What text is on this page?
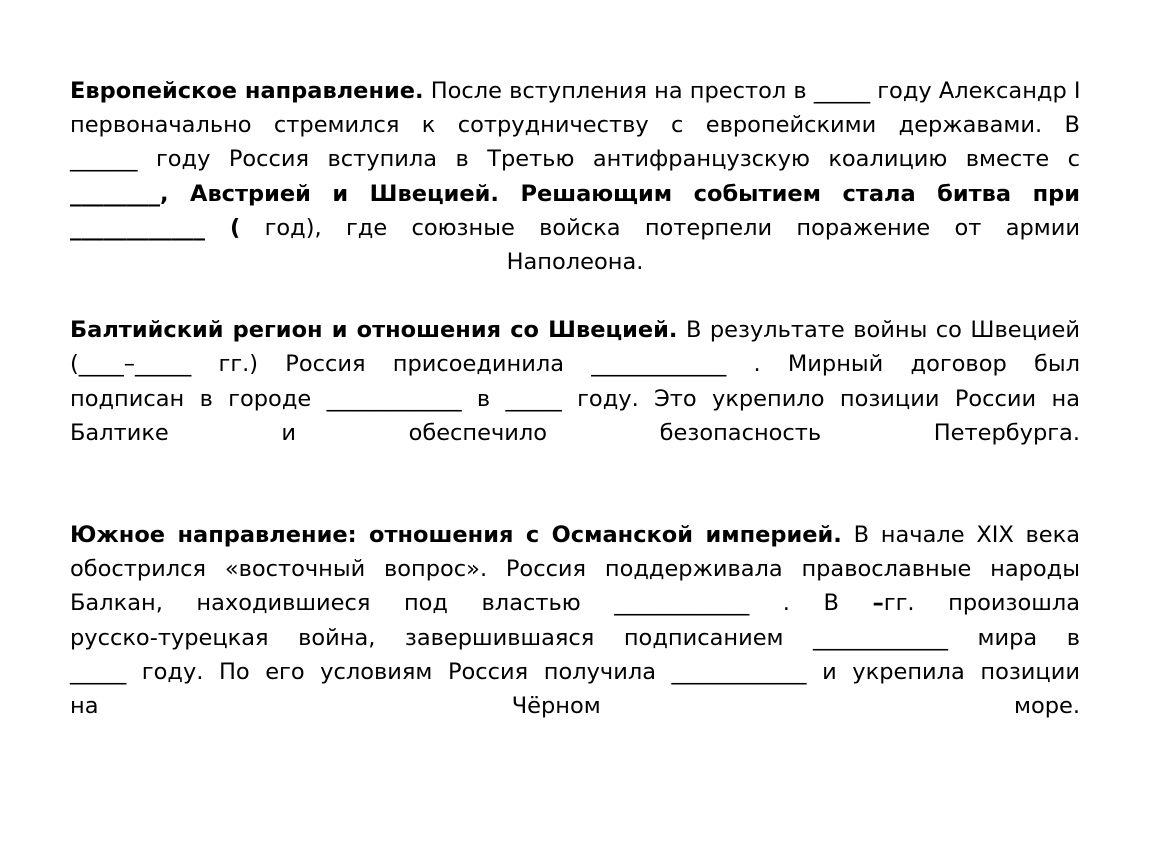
Европейское направление. После вступления на престол в _____ году Александр I
первоначально стремился к сотрудничеству с европейскими державами. В
______ году Россия вступила в Третью антифранцузскую коалицию вместе с
________, Австрией и Швецией. Решающим событием стала битва при
____________ ( год), где союзные войска потерпели поражение от армии
Наполеона.

Балтийский регион и отношения со Швецией. В результате войны со Швецией
(____–_____ гг.) Россия присоединила ____________ . Мирный договор был
подписан в городе ____________ в _____ году. Это укрепило позиции России на
Балтике и обеспечило безопасность Петербурга.

Южное направление: отношения с Османской империей. В начале XIX века
обострился «восточный вопрос». Россия поддерживала православные народы
Балкан, находившиеся под властью ____________ . В –гг. произошла
русско-турецкая война, завершившаяся подписанием ____________ мира в
_____ году. По его условиям Россия получила ____________ и укрепила позиции
на Чёрном море.
